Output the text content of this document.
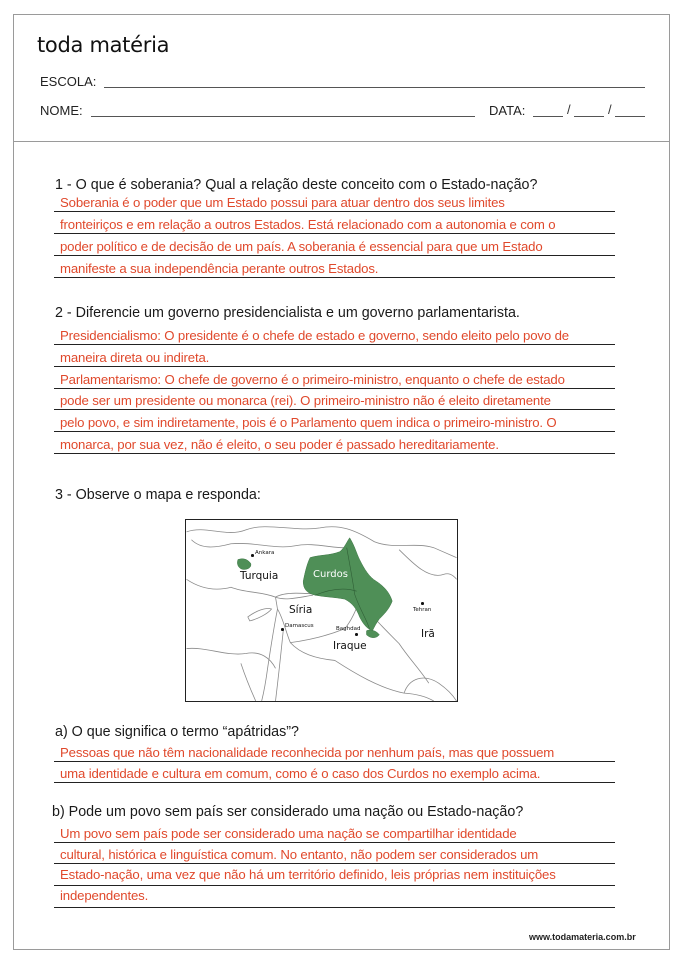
toda matéria
ESCOLA:
NOME:	DATA:	/	/
1 - O que é soberania? Qual a relação deste conceito com o Estado-nação?
Soberania é o poder que um Estado possui para atuar dentro dos seus limites
fronteiriços e em relação a outros Estados. Está relacionado com a autonomia e com o
poder político e de decisão de um país. A soberania é essencial para que um Estado
manifeste a sua independência perante outros Estados.
2 - Diferencie um governo presidencialista e um governo parlamentarista.
Presidencialismo: O presidente é o chefe de estado e governo, sendo eleito pelo povo de
maneira direta ou indireta.
Parlamentarismo: O chefe de governo é o primeiro-ministro, enquanto o chefe de estado
pode ser um presidente ou monarca (rei). O primeiro-ministro não é eleito diretamente
pelo povo, e sim indiretamente, pois é o Parlamento quem indica o primeiro-ministro. O
monarca, por sua vez, não é eleito, o seu poder é passado hereditariamente.
3 - Observe o mapa e responda:
Ankara
Turquia	Curdos
Síria
Damascus	Baghdad
Iraque
Tehran
Irã
a) O que significa o termo “apátridas”?
Pessoas que não têm nacionalidade reconhecida por nenhum país, mas que possuem
uma identidade e cultura em comum, como é o caso dos Curdos no exemplo acima.
b) Pode um povo sem país ser considerado uma nação ou Estado-nação?
Um povo sem país pode ser considerado uma nação se compartilhar identidade
cultural, histórica e linguística comum. No entanto, não podem ser considerados um
Estado-nação, uma vez que não há um território definido, leis próprias nem instituições
independentes.
www.todamateria.com.br
